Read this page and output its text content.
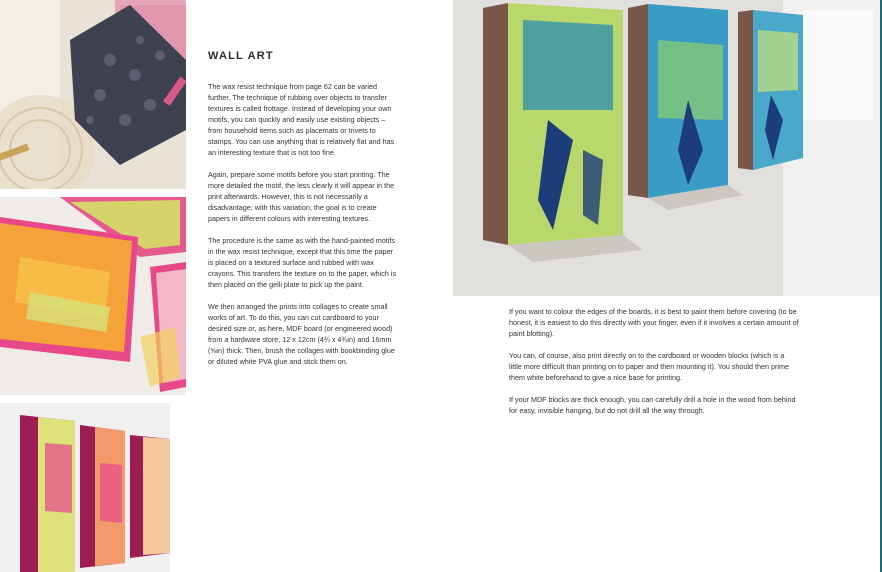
WALL ART

The wax resist technique from page 62 can be varied further. The technique of rubbing over objects to transfer textures is called frottage. Instead of developing your own motifs, you can quickly and easily use existing objects – from household items such as placemats or trivets to stamps. You can use anything that is relatively flat and has an interesting texture that is not too fine.

Again, prepare some motifs before you start printing. The more detailed the motif, the less clearly it will appear in the print afterwards. However, this is not necessarily a disadvantage; with this variation, the goal is to create papers in different colours with interesting textures.

The procedure is the same as with the hand-painted motifs in the wax resist technique, except that this time the paper is placed on a textured surface and rubbed with wax crayons. This transfers the texture on to the paper, which is then placed on the gelli plate to pick up the paint.

We then arranged the prints into collages to create small works of art. To do this, you can cut cardboard to your desired size or, as here, MDF board (or engineered wood) from a hardware store, 12 x 12cm (4¾ x 4¾in) and 16mm (⅝in) thick. Then, brush the collages with bookbinding glue or diluted white PVA glue and stick them on.

If you want to colour the edges of the boards, it is best to paint them before covering (to be honest, it is easiest to do this directly with your finger, even if it involves a certain amount of paint blotting).

You can, of course, also print directly on to the cardboard or wooden blocks (which is a little more difficult than printing on to paper and then mounting it). You should then prime them white beforehand to give a nice base for printing.

If your MDF blocks are thick enough, you can carefully drill a hole in the wood from behind for easy, invisible hanging, but do not drill all the way through.
